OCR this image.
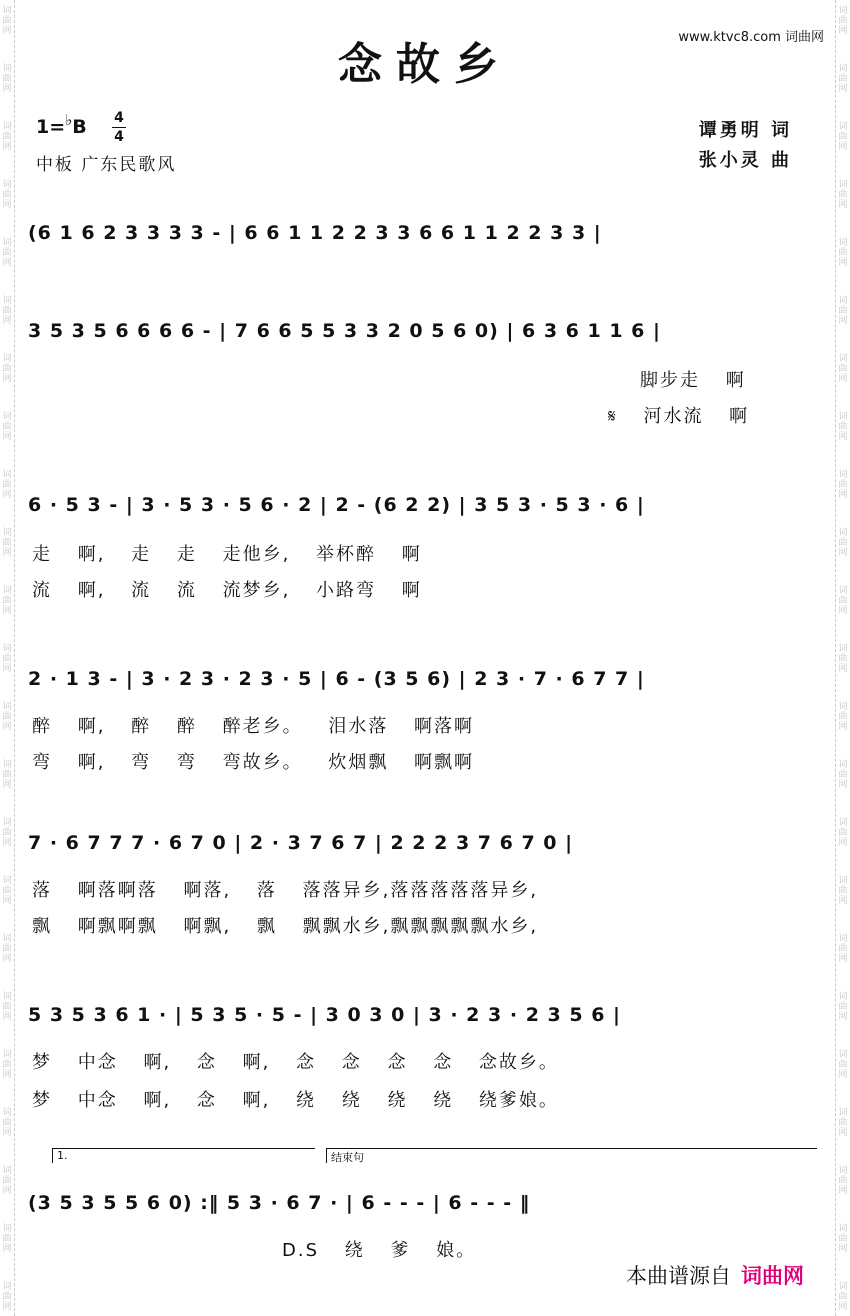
词
曲
网
词
曲
网
词
曲
网
词
曲
网
词
曲
网
词
曲
网
词
曲
网
词
曲
网
词
曲
网
词
曲
网
词
曲
网
词
曲
网
词
曲
网
词
曲
网
词
曲
网
词
曲
网
词
曲
网
词
曲
网
词
曲
网
词
曲
网
词
曲
网
词
曲
网
词
曲
网
词
曲
网
词
曲
网
词
曲
网
词
曲
网
词
曲
网
词
曲
网
词
曲
网
词
曲
网
词
曲
网
词
曲
网
词
曲
网
词
曲
网
词
曲
网
词
曲
网
词
曲
网
词
曲
网
词
曲
网
词
曲
网
词
曲
网
词
曲
网
词
曲
网
词
曲
网
词
曲
网
www.ktvc8.com 词曲网
念故乡
1=♭B 4
4
中板 广东民歌风
谭勇明 词
张小灵 曲
(6 1 6 2 3 3 3 3 - | 6 6 1 1 2 2 3 3 6 6 1 1 2 2 3 3 |
3 5 3 5 6 6 6 6 - | 7 6 6 5 5 3 3 2 0 5 6 0) | 6 3 6 1 1 6 |
脚步走 啊
𝄋 河水流 啊
6 · 5 3 - | 3 · 5 3 · 5 6 · 2 | 2 - (6 2 2) | 3 5 3 · 5 3 · 6 |
走 啊, 走 走 走他乡, 举杯醉 啊
流 啊, 流 流 流梦乡, 小路弯 啊
2 · 1 3 - | 3 · 2 3 · 2 3 · 5 | 6 - (3 5 6) | 2 3 · 7 · 6 7 7 |
醉 啊, 醉 醉 醉老乡。 泪水落 啊落啊
弯 啊, 弯 弯 弯故乡。 炊烟飘 啊飘啊
7 · 6 7 7 7 · 6 7 0 | 2 · 3 7 6 7 | 2 2 2 3 7 6 7 0 |
落 啊落啊落 啊落, 落 落落异乡,落落落落落异乡,
飘 啊飘啊飘 啊飘, 飘 飘飘水乡,飘飘飘飘飘水乡,
5 3 5 3 6 1 · | 5 3 5 · 5 - | 3 0 3 0 | 3 · 2 3 · 2 3 5 6 |
梦 中念 啊, 念 啊, 念 念 念 念 念故乡。
梦 中念 啊, 念 啊, 绕 绕 绕 绕 绕爹娘。
1.	结束句
(3 5 3 5 5 6 0) :‖ 5 3 · 6 7 · | 6 - - - | 6 - - - ‖
D.S 绕 爹 娘。
本曲谱源自 词曲网
